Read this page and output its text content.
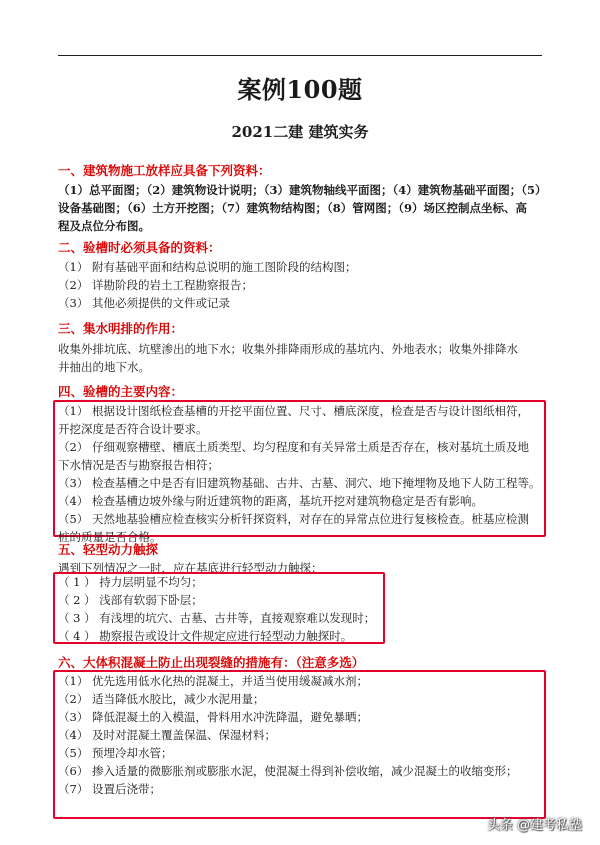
案例100题
2021二建 建筑实务
一、建筑物施工放样应具备下列资料：
（1）总平面图；（2）建筑物设计说明；（3）建筑物轴线平面图；（4）建筑物基础平面图；（5）
设备基础图；（6）土方开挖图；（7）建筑物结构图；（8）管网图；（9）场区控制点坐标、高
程及点位分布图。
二、验槽时必须具备的资料：
（1） 附有基础平面和结构总说明的施工图阶段的结构图；
（2） 详勘阶段的岩土工程勘察报告；
（3） 其他必须提供的文件或记录
三、集水明排的作用：
收集外排坑底、坑壁渗出的地下水；收集外排降雨形成的基坑内、外地表水；收集外排降水
井抽出的地下水。
四、验槽的主要内容：
（1） 根据设计图纸检查基槽的开挖平面位置、尺寸、槽底深度，检查是否与设计图纸相符，
开挖深度是否符合设计要求。
（2） 仔细观察槽壁、槽底土质类型、均匀程度和有关异常土质是否存在，核对基坑土质及地
下水情况是否与勘察报告相符；
（3） 检查基槽之中是否有旧建筑物基础、古井、古墓、洞穴、地下掩埋物及地下人防工程等。
（4） 检查基槽边坡外缘与附近建筑物的距离，基坑开挖对建筑物稳定是否有影响。
（5） 天然地基验槽应检查核实分析钎探资料，对存在的异常点位进行复核检查。桩基应检测
桩的质量是否合格。
五、轻型动力触探
遇到下列情况之一时，应在基底进行轻型动力触探：
（ 1 ） 持力层明显不均匀；
（ 2 ） 浅部有软弱下卧层；
（ 3 ） 有浅埋的坑穴、古墓、古井等，直接观察难以发现时；
（ 4 ） 勘察报告或设计文件规定应进行轻型动力触探时。
六、大体积混凝土防止出现裂缝的措施有：（注意多选）
（1） 优先选用低水化热的混凝土，并适当使用缓凝减水剂；
（2） 适当降低水胶比，减少水泥用量；
（3） 降低混凝土的入模温，骨料用水冲洗降温，避免暴晒；
（4） 及时对混凝土覆盖保温、保湿材料；
（5） 预埋冷却水管；
（6） 掺入适量的微膨胀剂或膨胀水泥，使混凝土得到补偿收缩，减少混凝土的收缩变形；
（7） 设置后浇带；
头条 @建考私塾
